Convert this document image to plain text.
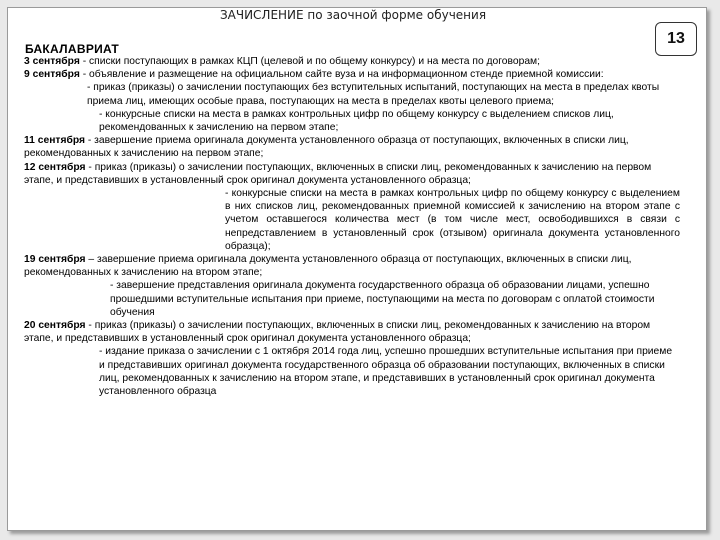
ЗАЧИСЛЕНИЕ по заочной форме обучения
13
БАКАЛАВРИАТ

3 сентября - списки поступающих в рамках КЦП (целевой и по общему конкурсу) и на места по договорам;

9 сентября - объявление и размещение на официальном сайте вуза и на информационном стенде приемной комиссии:

- приказ (приказы) о зачислении поступающих без вступительных испытаний, поступающих на места в пределах квоты приема лиц, имеющих особые права, поступающих на места в пределах квоты целевого приема;

- конкурсные списки на места в рамках контрольных цифр по общему конкурсу с выделением списков лиц, рекомендованных к зачислению на первом этапе;

11 сентября - завершение приема оригинала документа установленного образца от поступающих, включенных в списки лиц, рекомендованных к зачислению на первом этапе;

12 сентября - приказ (приказы) о зачислении поступающих, включенных в списки лиц, рекомендованных к зачислению на первом этапе, и представивших в установленный срок оригинал документа установленного образца;

- конкурсные списки на места в рамках контрольных цифр по общему конкурсу с выделением в них списков лиц, рекомендованных приемной комиссией к зачислению на втором этапе с учетом оставшегося количества мест (в том числе мест, освободившихся в связи с непредставлением в установленный срок (отзывом) оригинала документа установленного образца);

19 сентября – завершение приема оригинала документа установленного образца от поступающих, включенных в списки лиц, рекомендованных к зачислению на втором этапе;

- завершение представления оригинала документа государственного образца об образовании лицами, успешно прошедшими вступительные испытания при приеме, поступающими на места по договорам с оплатой стоимости обучения

20 сентября - приказ (приказы) о зачислении поступающих, включенных в списки лиц, рекомендованных к зачислению на втором этапе, и представивших в установленный срок оригинал документа установленного образца;

- издание приказа о зачислении с 1 октября 2014 года лиц, успешно прошедших вступительные испытания при приеме и представивших оригинал документа государственного образца об образовании поступающих, включенных в списки лиц, рекомендованных к зачислению на втором этапе, и представивших в установленный срок оригинал документа установленного образца
